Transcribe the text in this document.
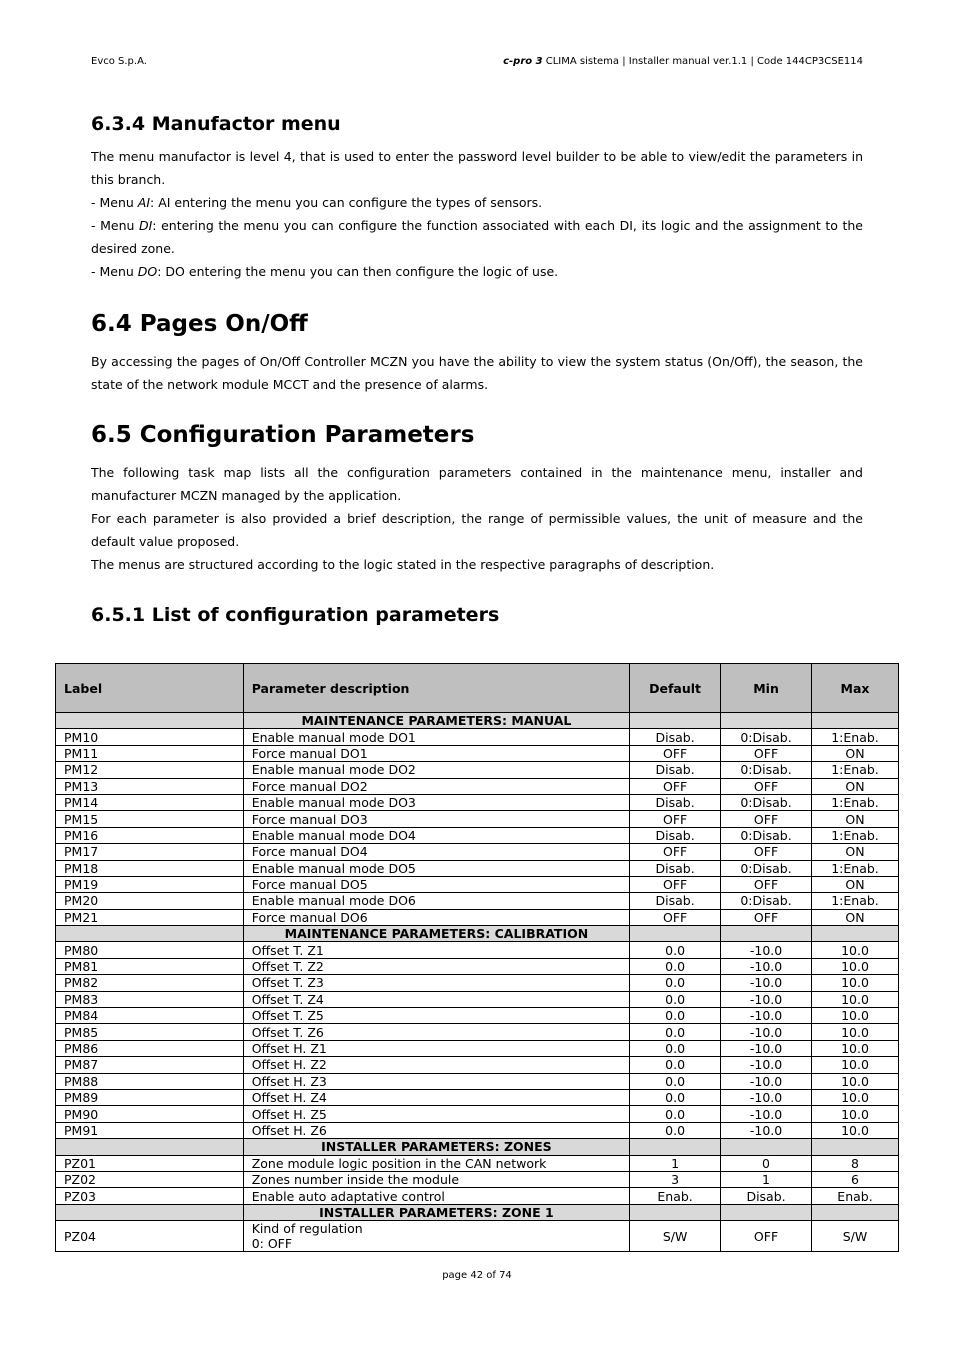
Evco S.p.A.	c-pro 3 CLIMA sistema | Installer manual ver.1.1 | Code 144CP3CSE114
6.3.4 Manufactor menu

The menu manufactor is level 4, that is used to enter the password level builder to be able to view/edit the parameters in this branch.

- Menu AI: AI entering the menu you can configure the types of sensors.

- Menu DI: entering the menu you can configure the function associated with each DI, its logic and the assignment to the desired zone.

- Menu DO: DO entering the menu you can then configure the logic of use.

6.4 Pages On/Off

By accessing the pages of On/Off Controller MCZN you have the ability to view the system status (On/Off), the season, the state of the network module MCCT and the presence of alarms.

6.5 Configuration Parameters

The following task map lists all the configuration parameters contained in the maintenance menu, installer and manufacturer MCZN managed by the application.

For each parameter is also provided a brief description, the range of permissible values, the unit of measure and the default value proposed.

The menus are structured according to the logic stated in the respective paragraphs of description.

6.5.1 List of configuration parameters
Label	Parameter description	Default	Min	Max
	MAINTENANCE PARAMETERS: MANUAL			
PM10	Enable manual mode DO1	Disab.	0:Disab.	1:Enab.
PM11	Force manual DO1	OFF	OFF	ON
PM12	Enable manual mode DO2	Disab.	0:Disab.	1:Enab.
PM13	Force manual DO2	OFF	OFF	ON
PM14	Enable manual mode DO3	Disab.	0:Disab.	1:Enab.
PM15	Force manual DO3	OFF	OFF	ON
PM16	Enable manual mode DO4	Disab.	0:Disab.	1:Enab.
PM17	Force manual DO4	OFF	OFF	ON
PM18	Enable manual mode DO5	Disab.	0:Disab.	1:Enab.
PM19	Force manual DO5	OFF	OFF	ON
PM20	Enable manual mode DO6	Disab.	0:Disab.	1:Enab.
PM21	Force manual DO6	OFF	OFF	ON
	MAINTENANCE PARAMETERS: CALIBRATION			
PM80	Offset T. Z1	0.0	-10.0	10.0
PM81	Offset T. Z2	0.0	-10.0	10.0
PM82	Offset T. Z3	0.0	-10.0	10.0
PM83	Offset T. Z4	0.0	-10.0	10.0
PM84	Offset T. Z5	0.0	-10.0	10.0
PM85	Offset T. Z6	0.0	-10.0	10.0
PM86	Offset H. Z1	0.0	-10.0	10.0
PM87	Offset H. Z2	0.0	-10.0	10.0
PM88	Offset H. Z3	0.0	-10.0	10.0
PM89	Offset H. Z4	0.0	-10.0	10.0
PM90	Offset H. Z5	0.0	-10.0	10.0
PM91	Offset H. Z6	0.0	-10.0	10.0
	INSTALLER PARAMETERS: ZONES			
PZ01	Zone module logic position in the CAN network	1	0	8
PZ02	Zones number inside the module	3	1	6
PZ03	Enable auto adaptative control	Enab.	Disab.	Enab.
	INSTALLER PARAMETERS: ZONE 1			
PZ04	Kind of regulation
0: OFF	S/W	OFF	S/W
page 42 of 74
